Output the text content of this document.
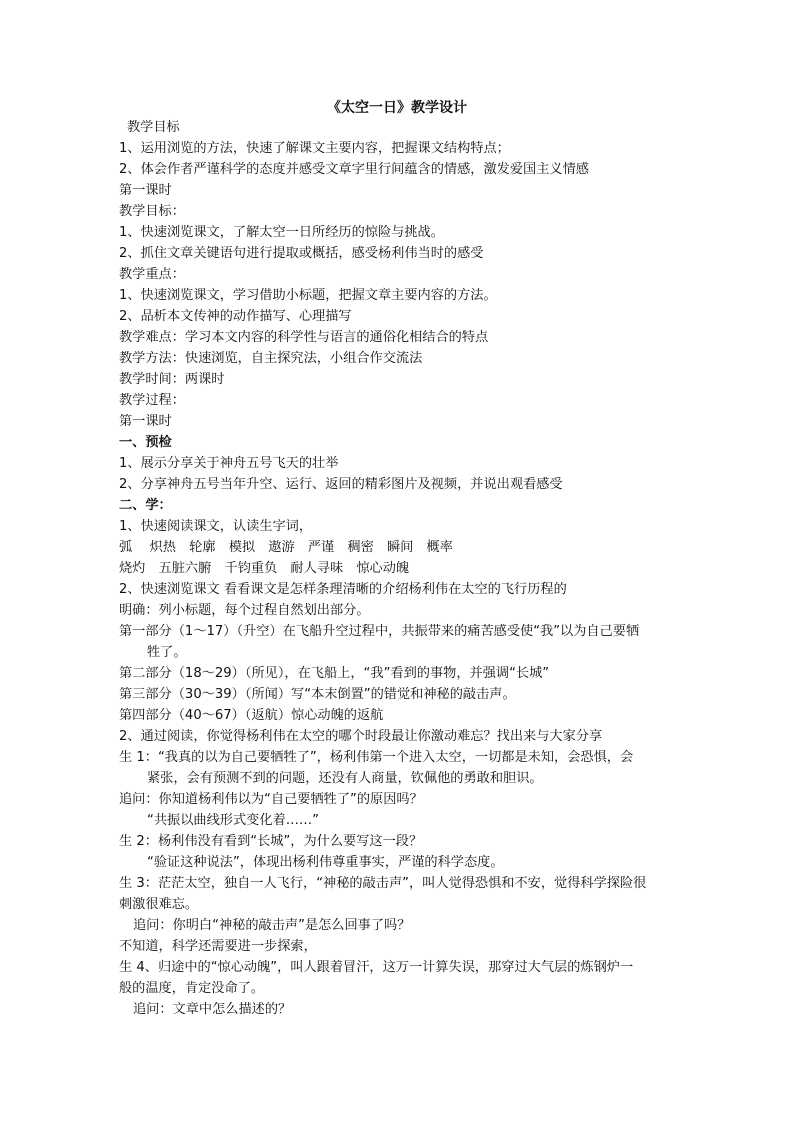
《太空一日》教学设计
教学目标
1、运用浏览的方法，快速了解课文主要内容，把握课文结构特点；
2、体会作者严谨科学的态度并感受文章字里行间蕴含的情感，激发爱国主义情感
第一课时
教学目标：
1、快速浏览课文，了解太空一日所经历的惊险与挑战。
2、抓住文章关键语句进行提取或概括，感受杨利伟当时的感受
教学重点：
1、快速浏览课文，学习借助小标题，把握文章主要内容的方法。
2、品析本文传神的动作描写、心理描写
教学难点：学习本文内容的科学性与语言的通俗化相结合的特点
教学方法：快速浏览，自主探究法，小组合作交流法
教学时间：两课时
教学过程：
第一课时
一、预检
1、展示分享关于神舟五号飞天的壮举
2、分享神舟五号当年升空、运行、返回的精彩图片及视频，并说出观看感受
二、学：
1、快速阅读课文，认读生字词，
弧　 炽热　轮廓　模拟　遨游　严谨　稠密　瞬间　概率
烧灼　五脏六腑　千钧重负　耐人寻味　惊心动魄
2、快速浏览课文 看看课文是怎样条理清晰的介绍杨利伟在太空的飞行历程的
明确：列小标题，每个过程自然划出部分。
第一部分（1～17）（升空）在飞船升空过程中，共振带来的痛苦感受使“我”以为自己要牺
牲了。
第二部分（18～29）（所见），在飞船上，“我”看到的事物，并强调“长城”
第三部分（30～39）（所闻）写“本末倒置”的错觉和神秘的敲击声。
第四部分（40～67）（返航）惊心动魄的返航
2、通过阅读，你觉得杨利伟在太空的哪个时段最让你激动难忘？找出来与大家分享
生 1：“我真的以为自己要牺牲了”，杨利伟第一个进入太空，一切都是未知，会恐惧，会
紧张，会有预测不到的问题，还没有人商量，钦佩他的勇敢和胆识。
追问：你知道杨利伟以为“自己要牺牲了”的原因吗？
“共振以曲线形式变化着……”
生 2：杨利伟没有看到“长城”，为什么要写这一段？
“验证这种说法”，体现出杨利伟尊重事实，严谨的科学态度。
生 3：茫茫太空，独自一人飞行，“神秘的敲击声”，叫人觉得恐惧和不安，觉得科学探险很
刺激很难忘。
追问：你明白“神秘的敲击声”是怎么回事了吗？
不知道，科学还需要进一步探索，
生 4、归途中的“惊心动魄”，叫人跟着冒汗，这万一计算失误，那穿过大气层的炼钢炉一
般的温度，肯定没命了。
追问：文章中怎么描述的？
